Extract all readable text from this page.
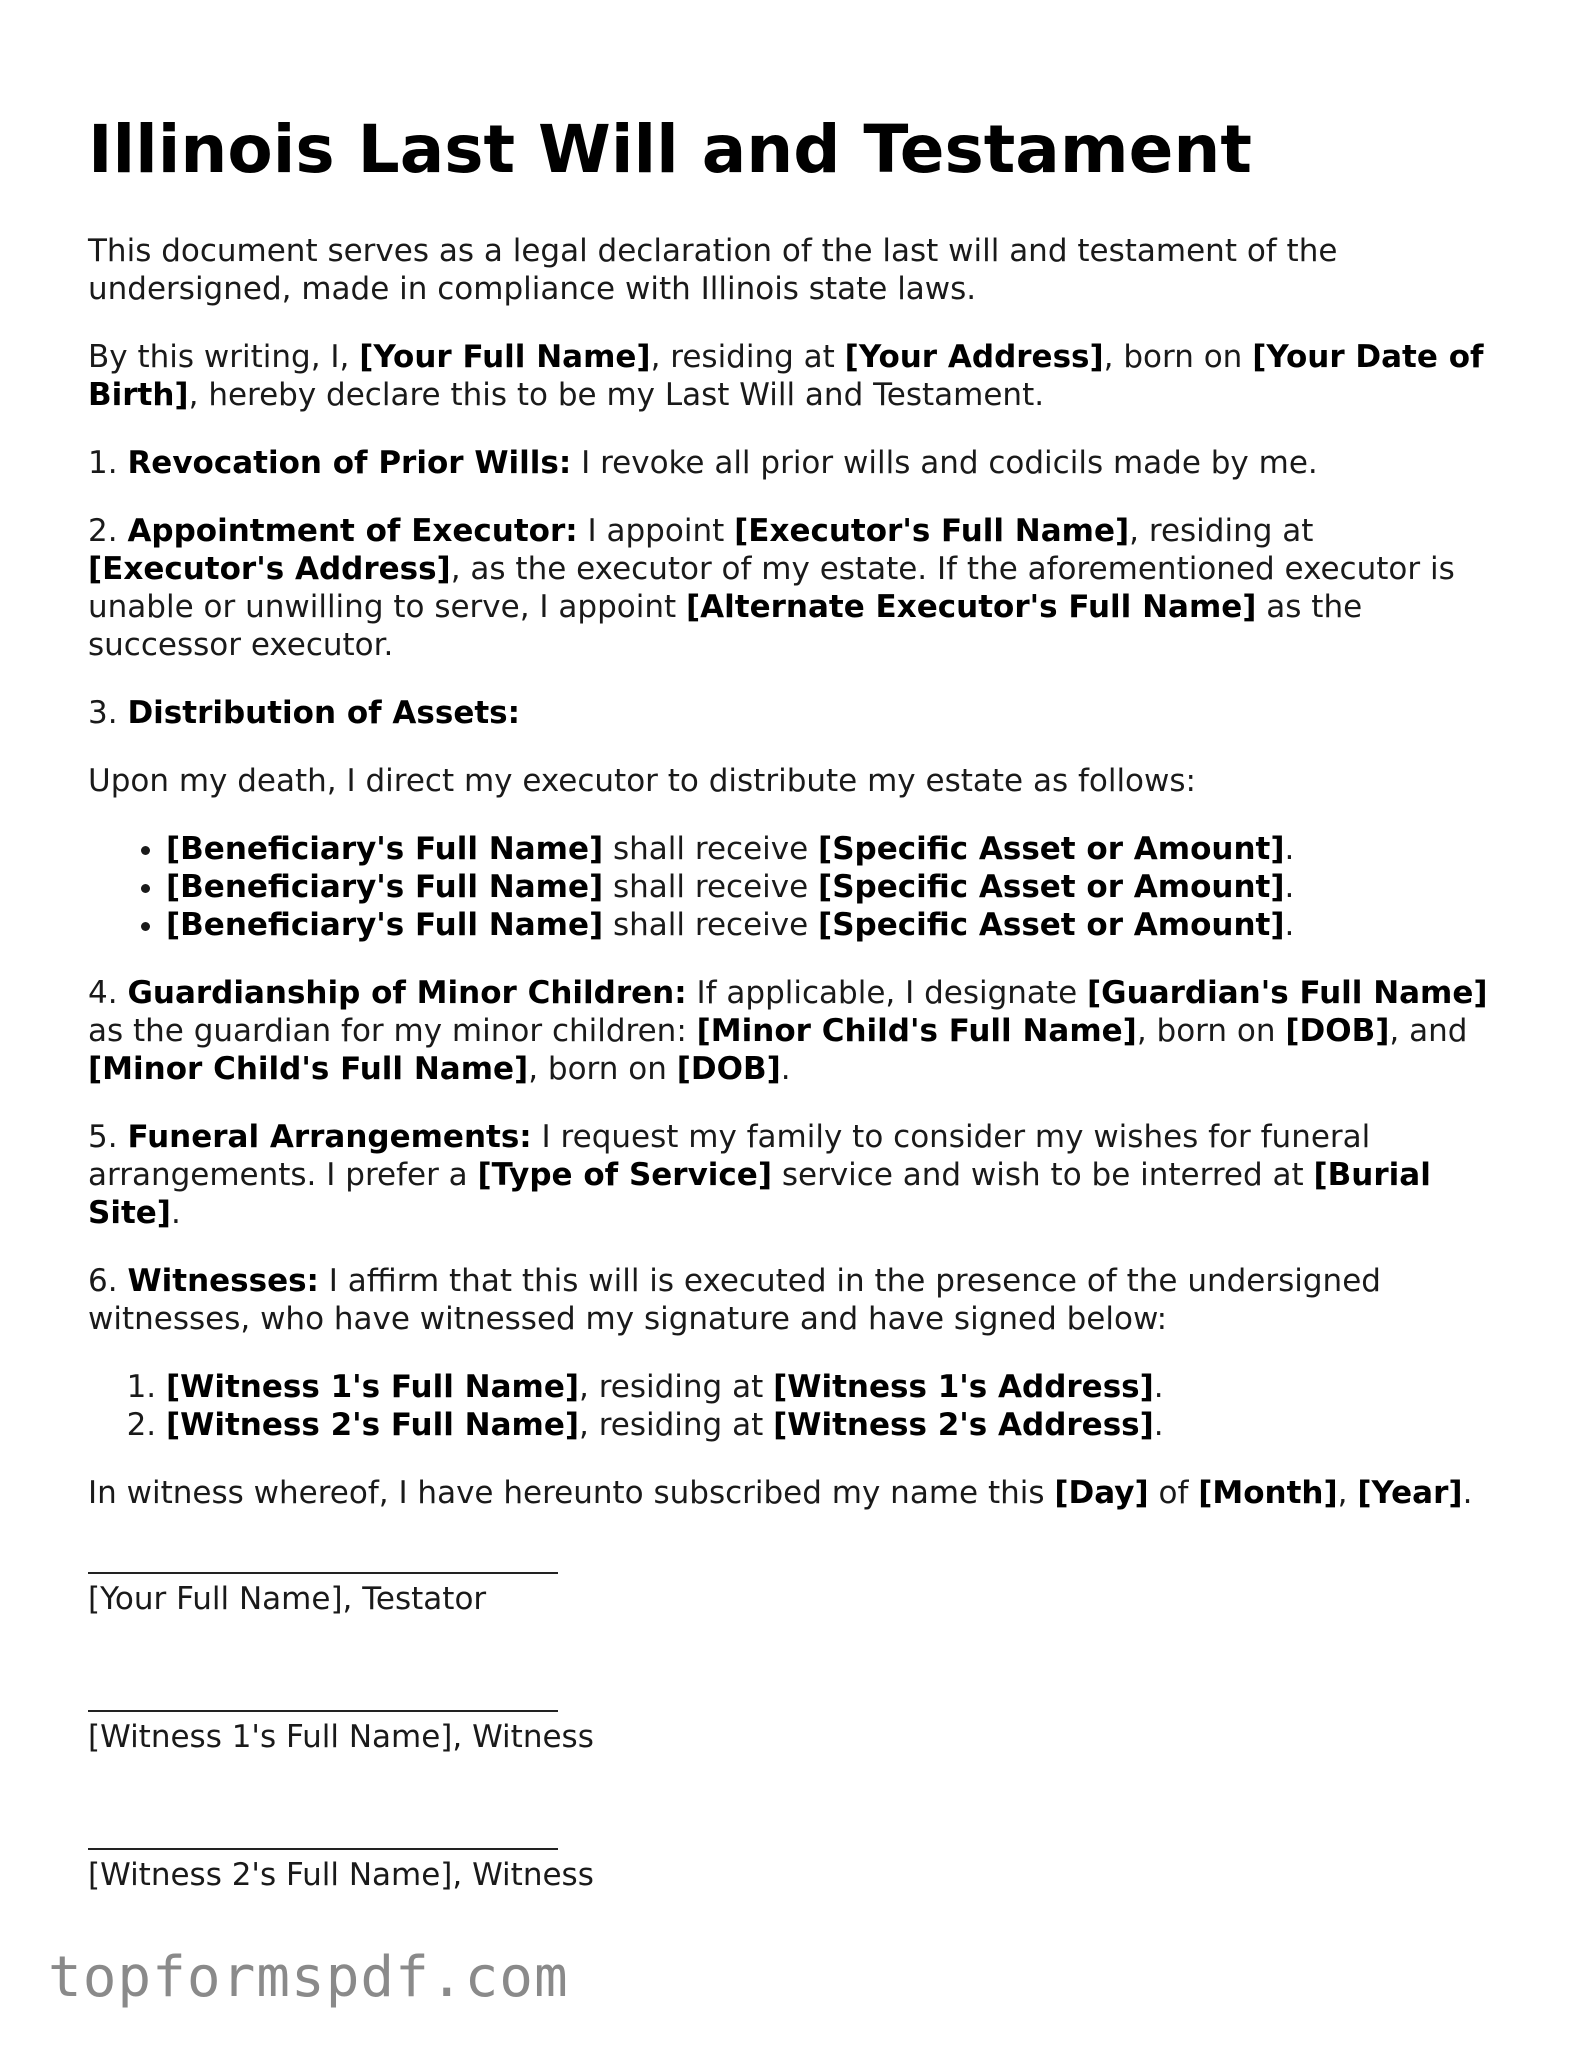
Illinois Last Will and Testament

This document serves as a legal declaration of the last will and testament of the undersigned, made in compliance with Illinois state laws.

By this writing, I, [Your Full Name], residing at [Your Address], born on [Your Date of Birth], hereby declare this to be my Last Will and Testament.

1. Revocation of Prior Wills: I revoke all prior wills and codicils made by me.

2. Appointment of Executor: I appoint [Executor's Full Name], residing at [Executor's Address], as the executor of my estate. If the aforementioned executor is unable or unwilling to serve, I appoint [Alternate Executor's Full Name] as the successor executor.

3. Distribution of Assets:

Upon my death, I direct my executor to distribute my estate as follows:

• [Beneficiary's Full Name] shall receive [Specific Asset or Amount].
• [Beneficiary's Full Name] shall receive [Specific Asset or Amount].
• [Beneficiary's Full Name] shall receive [Specific Asset or Amount].

4. Guardianship of Minor Children: If applicable, I designate [Guardian's Full Name] as the guardian for my minor children: [Minor Child's Full Name], born on [DOB], and [Minor Child's Full Name], born on [DOB].

5. Funeral Arrangements: I request my family to consider my wishes for funeral arrangements. I prefer a [Type of Service] service and wish to be interred at [Burial Site].

6. Witnesses: I affirm that this will is executed in the presence of the undersigned witnesses, who have witnessed my signature and have signed below:

1. [Witness 1's Full Name], residing at [Witness 1's Address].
2. [Witness 2's Full Name], residing at [Witness 2's Address].

In witness whereof, I have hereunto subscribed my name this [Day] of [Month], [Year].

[Your Full Name], Testator
[Witness 1's Full Name], Witness
[Witness 2's Full Name], Witness
topformspdf.com
